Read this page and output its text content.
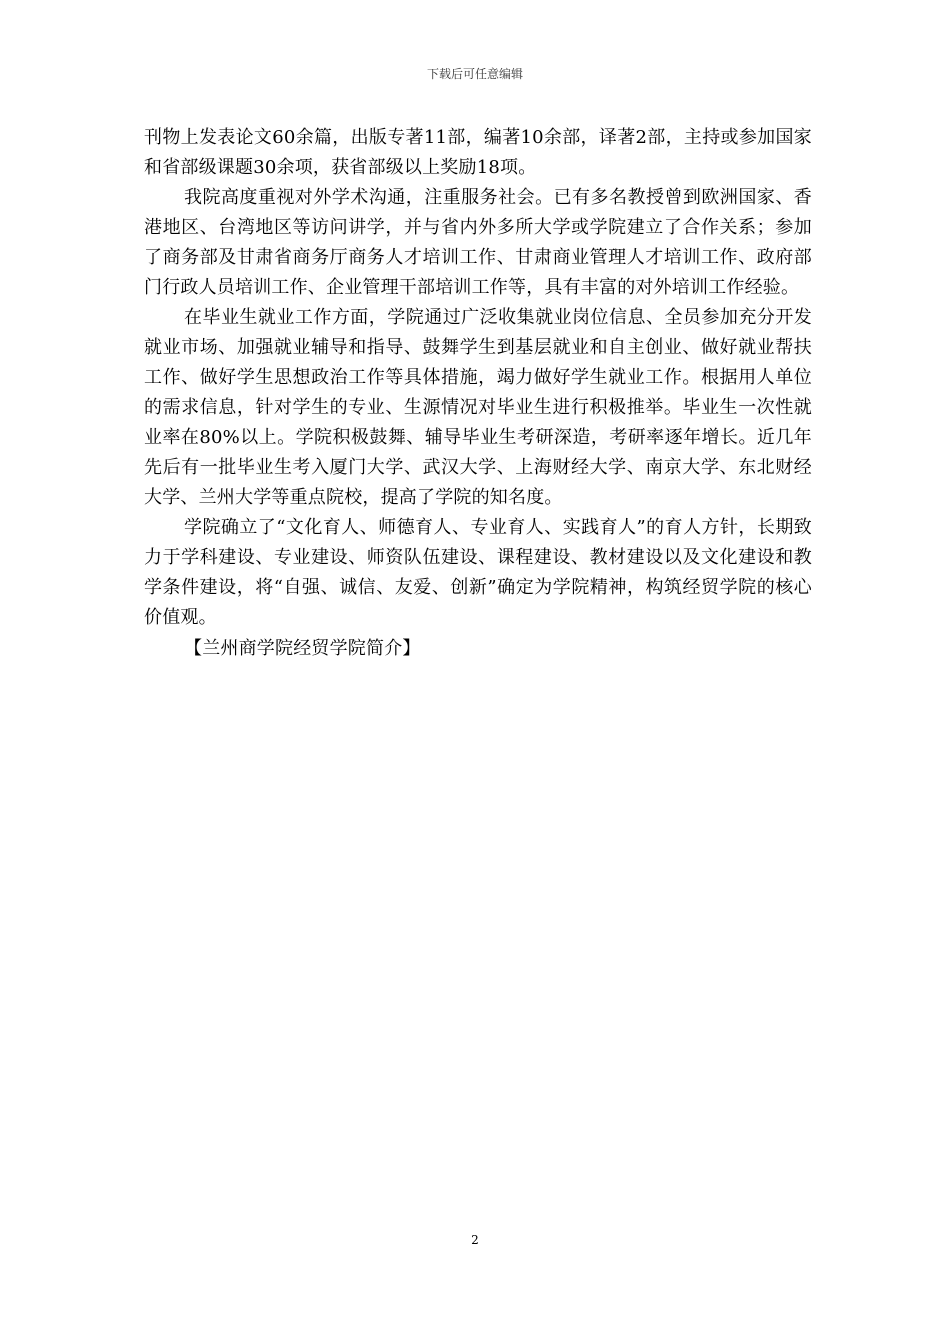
下载后可任意编辑

刊物上发表论文60余篇，出版专著11部，编著10余部，译著2部，主持或参加国家和省部级课题30余项，获省部级以上奖励18项。

我院高度重视对外学术沟通，注重服务社会。已有多名教授曾到欧洲国家、香港地区、台湾地区等访问讲学，并与省内外多所大学或学院建立了合作关系；参加了商务部及甘肃省商务厅商务人才培训工作、甘肃商业管理人才培训工作、政府部门行政人员培训工作、企业管理干部培训工作等，具有丰富的对外培训工作经验。

在毕业生就业工作方面，学院通过广泛收集就业岗位信息、全员参加充分开发就业市场、加强就业辅导和指导、鼓舞学生到基层就业和自主创业、做好就业帮扶工作、做好学生思想政治工作等具体措施，竭力做好学生就业工作。根据用人单位的需求信息，针对学生的专业、生源情况对毕业生进行积极推举。毕业生一次性就业率在80%以上。学院积极鼓舞、辅导毕业生考研深造，考研率逐年增长。近几年先后有一批毕业生考入厦门大学、武汉大学、上海财经大学、南京大学、东北财经大学、兰州大学等重点院校，提高了学院的知名度。

学院确立了“文化育人、师德育人、专业育人、实践育人”的育人方针，长期致力于学科建设、专业建设、师资队伍建设、课程建设、教材建设以及文化建设和教学条件建设，将“自强、诚信、友爱、创新”确定为学院精神，构筑经贸学院的核心价值观。

【兰州商学院经贸学院简介】

2
